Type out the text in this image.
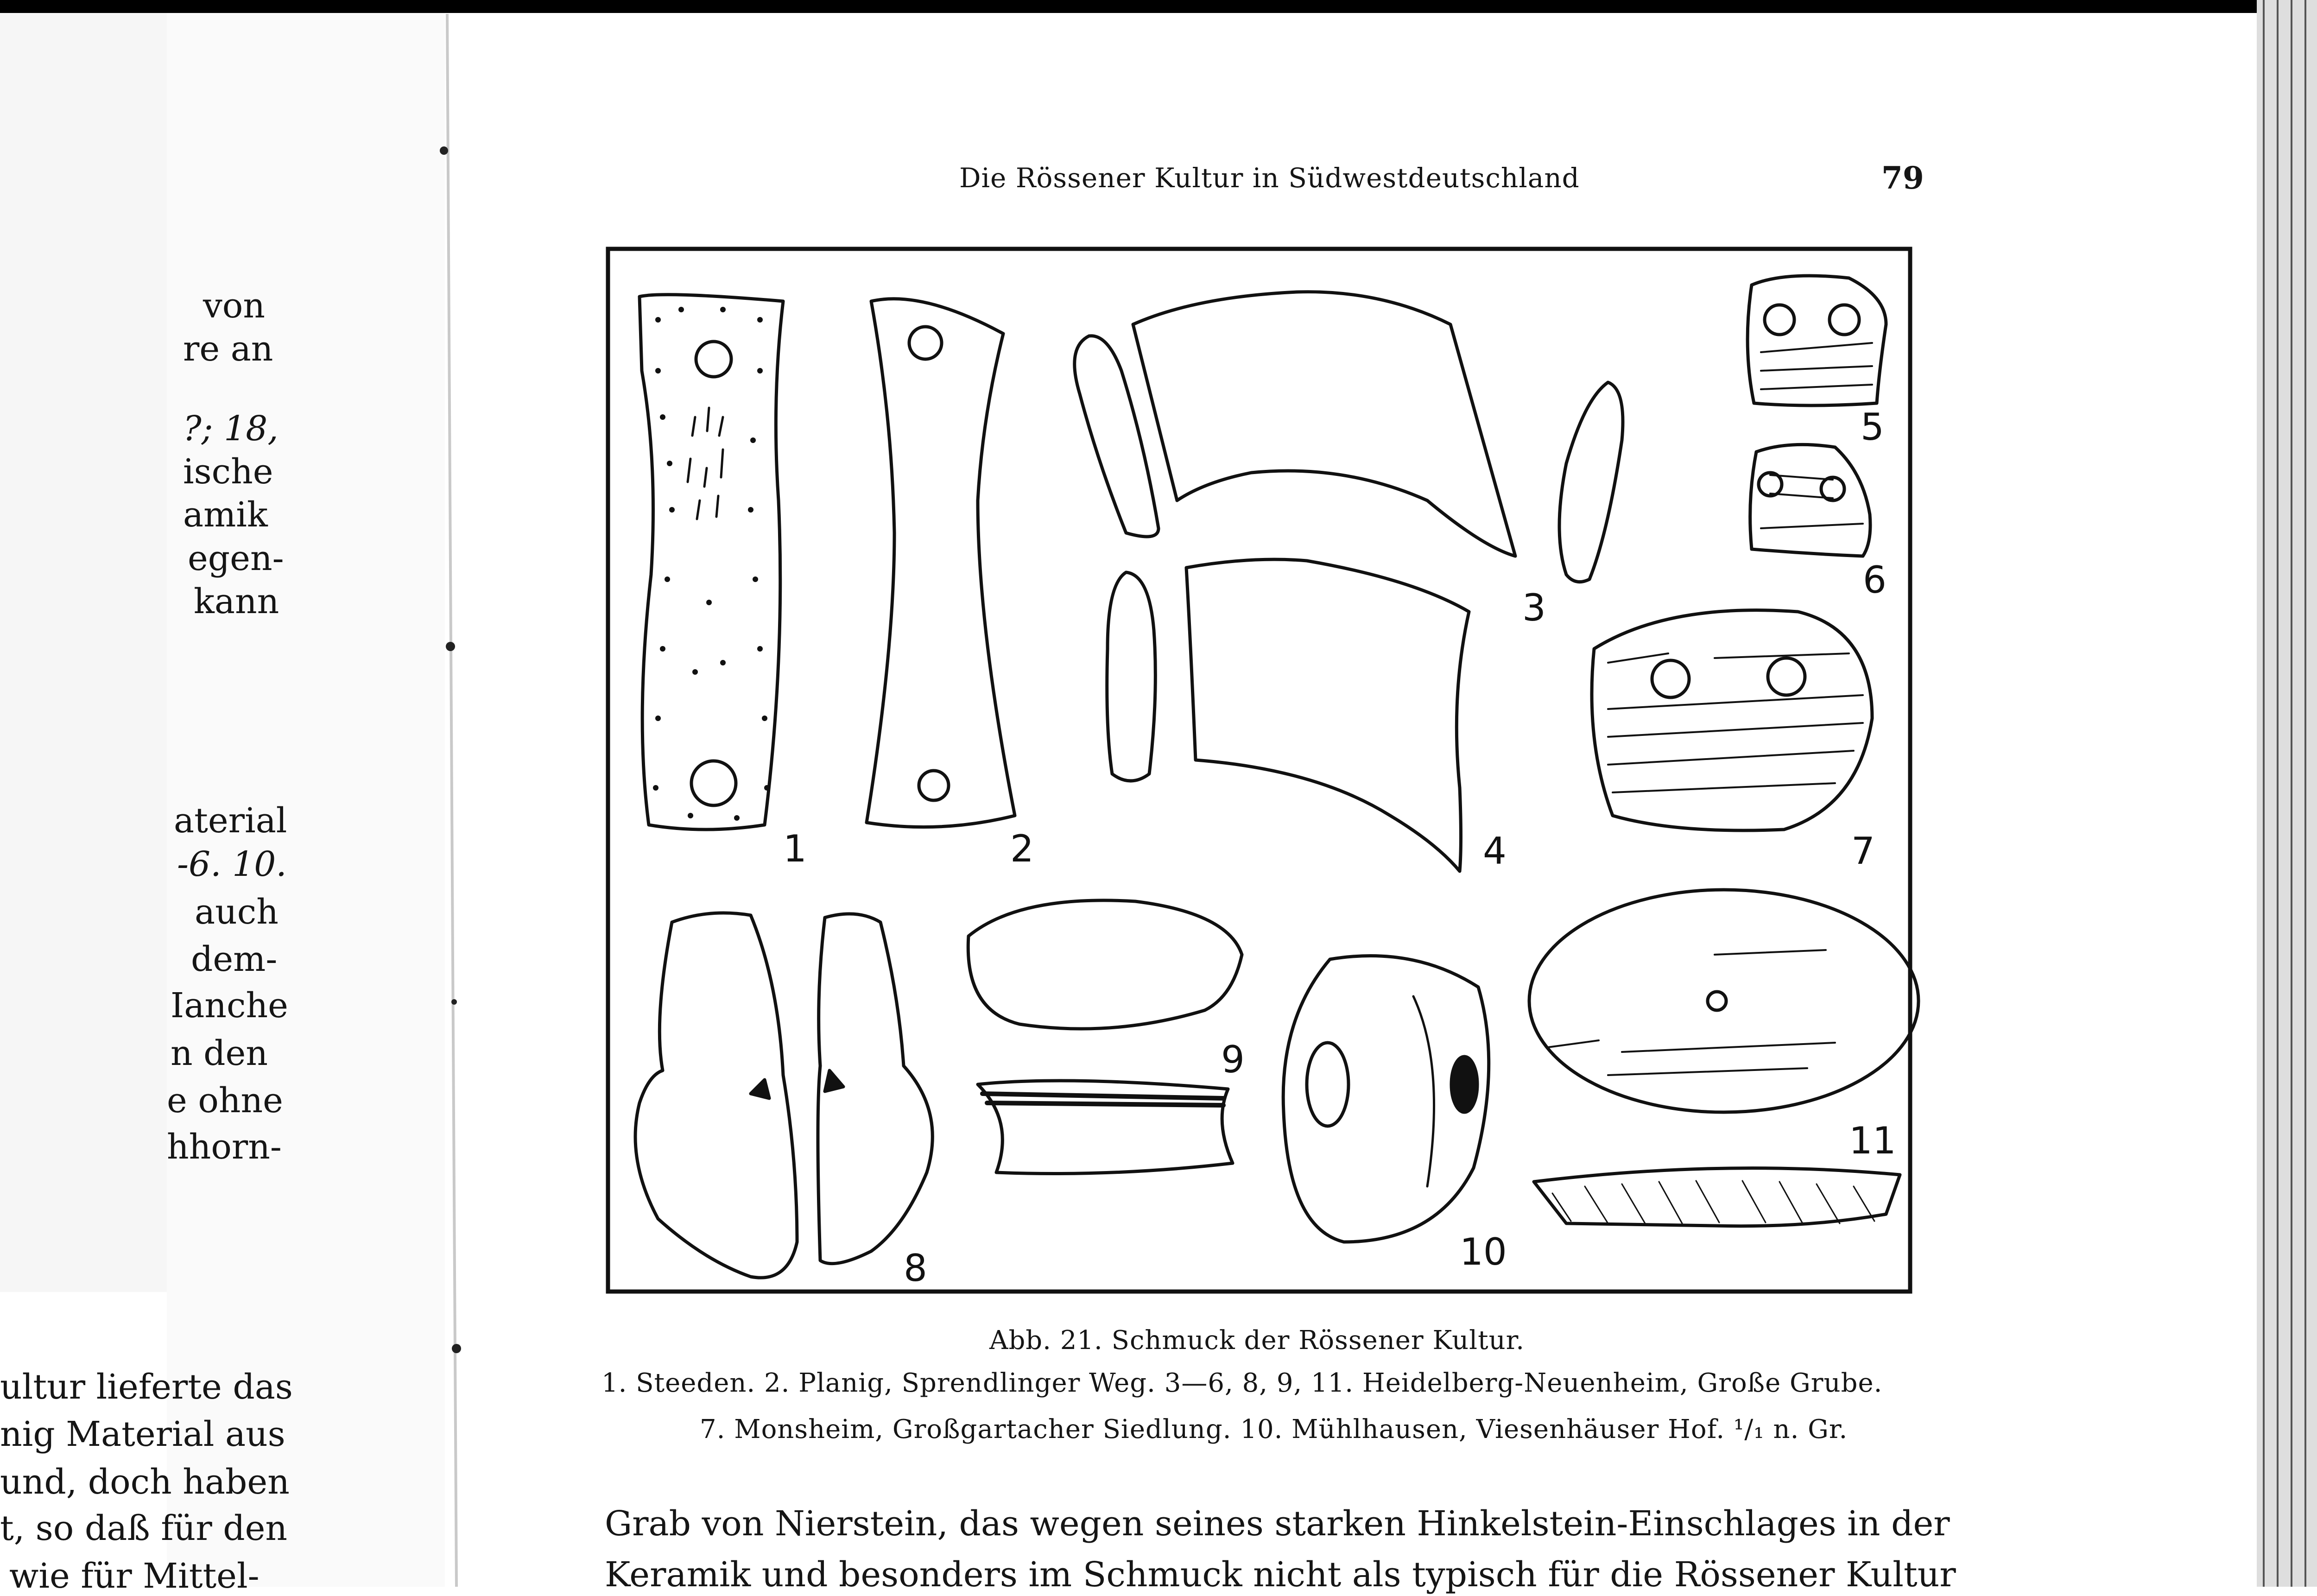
Die Rössener Kultur in Südwestdeutschland	79
von
re an
?; 18,
ische
amik
egen-
kann
aterial
-6. 10.
auch
dem-
Ianche
n den
e ohne
hhorn-
ultur lieferte das
nig Material aus
und, doch haben
t, so daß für den
wie für Mittel-
1	2
3
4
5
6
7
8
9
10
11
Abb. 21. Schmuck der Rössener Kultur.
1. Steeden. 2. Planig, Sprendlinger Weg. 3—6, 8, 9, 11. Heidelberg-Neuenheim, Große Grube.
7. Monsheim, Großgartacher Siedlung. 10. Mühlhausen, Viesenhäuser Hof. ¹/₁ n. Gr.
Grab von Nierstein, das wegen seines starken Hinkelstein-Einschlages in der
Keramik und besonders im Schmuck nicht als typisch für die Rössener Kultur
